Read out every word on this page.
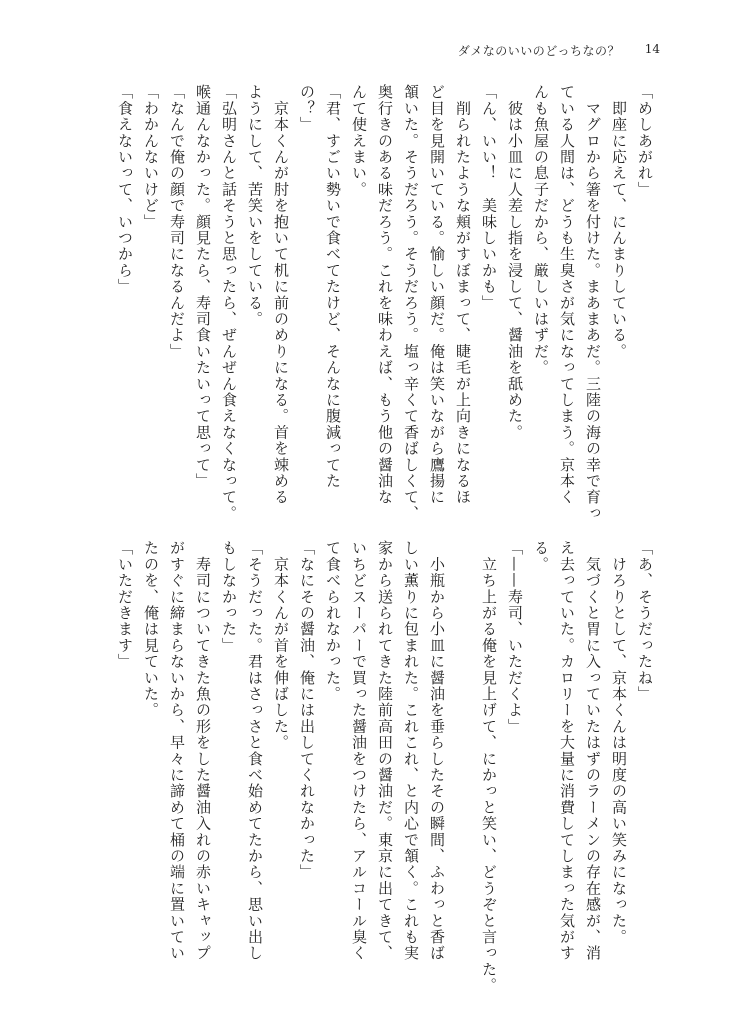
ダメなのいいのどっちなの？ 14
「めしあがれ」
　即座に応えて、にんまりしている。
　マグロから箸を付けた。まあまあだ。三陸の海の幸で育っ
ている人間は、どうも生臭さが気になってしまう。京本く
んも魚屋の息子だから、厳しいはずだ。
　彼は小皿に人差し指を浸して、醤油を舐めた。
「ん、いい！　美味しいかも」
　削られたような頬がすぼまって、睫毛が上向きになるほ
ど目を見開いている。愉しい顔だ。俺は笑いながら鷹揚に
頷いた。そうだろう。そうだろう。塩っ辛くて香ばしくて、
奥行きのある味だろう。これを味わえば、もう他の醤油な
んて使えまい。
「君、すごい勢いで食べてたけど、そんなに腹減ってた
の？」
　京本くんが肘を抱いて机に前のめりになる。首を竦める
ようにして、苦笑いをしている。
「弘明さんと話そうと思ったら、ぜんぜん食えなくなって。
喉通んなかった。顔見たら、寿司食いたいって思って」
「なんで俺の顔で寿司になるんだよ」
「わかんないけど」
「食えないって、いつから」
「あ、そうだったね」
　けろりとして、京本くんは明度の高い笑みになった。
　気づくと胃に入っていたはずのラーメンの存在感が、消
え去っていた。カロリーを大量に消費してしまった気がす
る。
「——寿司、いただくよ」
　立ち上がる俺を見上げて、にかっと笑い、どうぞと言った。

　小瓶から小皿に醤油を垂らしたその瞬間、ふわっと香ば
しい薫りに包まれた。これこれ、と内心で頷く。これも実
家から送られてきた陸前高田の醤油だ。東京に出てきて、
いちどスーパーで買った醤油をつけたら、アルコール臭く
て食べられなかった。
「なにその醤油、俺には出してくれなかった」
　京本くんが首を伸ばした。
「そうだった。君はさっさと食べ始めてたから、思い出し
もしなかった」
　寿司についてきた魚の形をした醤油入れの赤いキャップ
がすぐに締まらないから、早々に諦めて桶の端に置いてい
たのを、俺は見ていた。
「いただきます」
